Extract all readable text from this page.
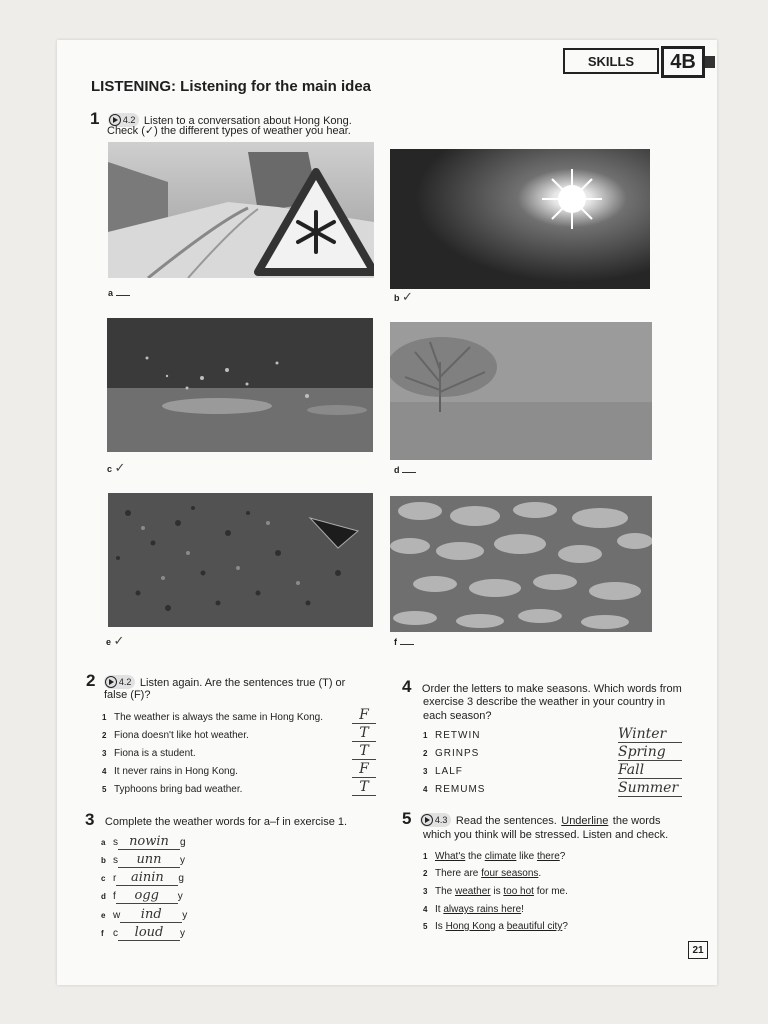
SKILLS	4B
LISTENING: Listening for the main idea
1	4.2 Listen to a conversation about Hong Kong.
Check (✓) the different types of weather you hear.
a	b ✓
c ✓	d
e ✓	f
2	4.2 Listen again. Are the sentences true (T) or
false (F)?
1 The weather is always the same in Hong Kong.	F
2 Fiona doesn't like hot weather.	T
3 Fiona is a student.	T
4 It never rains in Hong Kong.	F
5 Typhoons bring bad weather.	T
3 Complete the weather words for a–f in exercise 1.
a s nowin g
b s unn y
c r ainin g
d f ogg y
e w ind y
f c loud y
4 Order the letters to make seasons. Which words from
exercise 3 describe the weather in your country in
each season?
1 RETWIN	Winter
2 GRINPS	Spring
3 LALF	Fall
4 REMUMS	Summer
5	4.3 Read the sentences. Underline the words
which you think will be stressed. Listen and check.
1 What's the climate like there?
2 There are four seasons.
3 The weather is too hot for me.
4 It always rains here!
5 Is Hong Kong a beautiful city?
21
